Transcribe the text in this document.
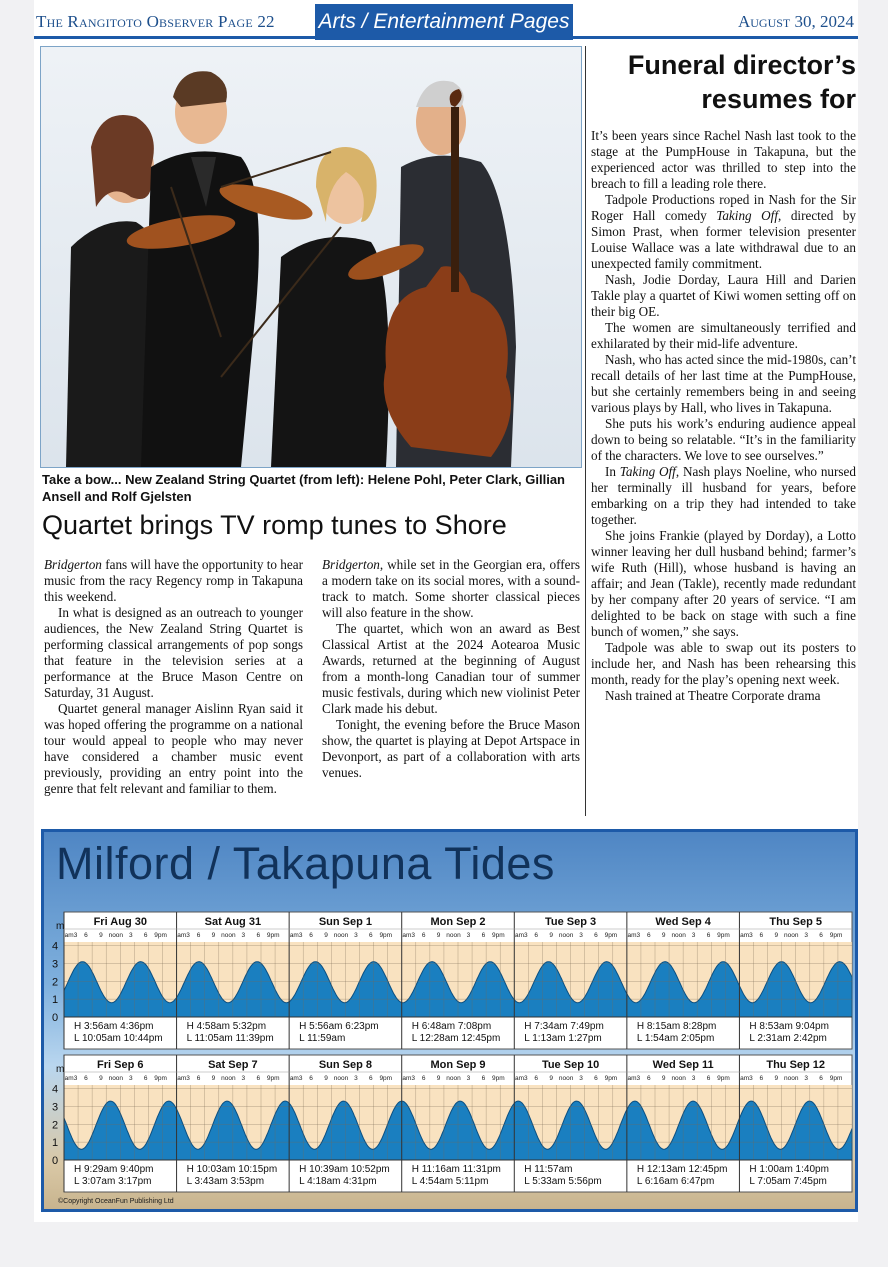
The Rangitoto Observer Page 22 Arts / Entertainment Pages	August 30, 2024
Take a bow... New Zealand String Quartet (from left): Helene Pohl, Peter Clark, Gillian Ansell and Rolf Gjelsten
Quartet brings TV romp tunes to Shore

Bridgerton fans will have the opportunity to hear music from the racy Regency romp in Takapuna this weekend.

In what is designed as an outreach to younger audiences, the New Zealand String Quartet is performing classical arrangements of pop songs that feature in the television series at a performance at the Bruce Mason Centre on Saturday, 31 August.

Quartet general manager Aislinn Ryan said it was hoped offering the programme on a national tour would appeal to people who may never have considered a chamber music event previously, providing an entry point into the genre that felt relevant and familiar to them.

Bridgerton, while set in the Georgian era, offers a modern take on its social mores, with a sound-track to match. Some shorter classical pieces will also feature in the show.

The quartet, which won an award as Best Classical Artist at the 2024 Aotearoa Music Awards, returned at the beginning of August from a month-long Canadian tour of summer music festivals, during which new violinist Peter Clark made his debut.

Tonight, the evening before the Bruce Mason show, the quartet is playing at Depot Artspace in Devonport, as part of a collaboration with arts venues.

Funeral director’s resumes for

It’s been years since Rachel Nash last took to the stage at the PumpHouse in Takapuna, but the experienced actor was thrilled to step into the breach to fill a leading role there.

Tadpole Productions roped in Nash for the Sir Roger Hall comedy Taking Off, directed by Simon Prast, when former television presenter Louise Wallace was a late withdrawal due to an unexpected family commitment.

Nash, Jodie Dorday, Laura Hill and Darien Takle play a quartet of Kiwi women setting off on their big OE.

The women are simultaneously terrified and exhilarated by their mid-life adventure.

Nash, who has acted since the mid-1980s, can’t recall details of her last time at the PumpHouse, but she certainly remembers being in and seeing various plays by Hall, who lives in Takapuna.

She puts his work’s enduring audience appeal down to being so relatable. “It’s in the familiarity of the characters. We love to see ourselves.”

In Taking Off, Nash plays Noeline, who nursed her terminally ill husband for years, before embarking on a trip they had intended to take together.

She joins Frankie (played by Dorday), a Lotto winner leaving her dull husband behind; farmer’s wife Ruth (Hill), whose husband is having an affair; and Jean (Takle), recently made redundant by her company after 20 years of service. “I am delighted to be back on stage with such a fine bunch of women,” she says.

Tadpole was able to swap out its posters to include her, and Nash has been rehearsing this month, ready for the play’s opening next week.

Nash trained at Theatre Corporate drama

Milford / Takapuna Tides
m
4
3
2
1
0
Fri Aug 30
am3 6 9 noon 3 6 9pm
H 3:56am 4:36pm
L 10:05am 10:44pm
Sat Aug 31
am3 6 9 noon 3 6 9pm
H 4:58am 5:32pm
L 11:05am 11:39pm
Sun Sep 1
am3 6 9 noon 3 6 9pm
H 5:56am 6:23pm
L 11:59am
Mon Sep 2
am3 6 9 noon 3 6 9pm
H 6:48am 7:08pm
L 12:28am 12:45pm
Tue Sep 3
am3 6 9 noon 3 6 9pm
H 7:34am 7:49pm
L 1:13am 1:27pm
Wed Sep 4
am3 6 9 noon 3 6 9pm
H 8:15am 8:28pm
L 1:54am 2:05pm
Thu Sep 5
am3 6 9 noon 3 6 9pm
H 8:53am 9:04pm
L 2:31am 2:42pm
m
4
3
2
1
0
Fri Sep 6
am3 6 9 noon 3 6 9pm
H 9:29am 9:40pm
L 3:07am 3:17pm
Sat Sep 7
am3 6 9 noon 3 6 9pm
H 10:03am 10:15pm
L 3:43am 3:53pm
Sun Sep 8
am3 6 9 noon 3 6 9pm
H 10:39am 10:52pm
L 4:18am 4:31pm
Mon Sep 9
am3 6 9 noon 3 6 9pm
H 11:16am 11:31pm
L 4:54am 5:11pm
Tue Sep 10
am3 6 9 noon 3 6 9pm
H 11:57am
L 5:33am 5:56pm
Wed Sep 11
am3 6 9 noon 3 6 9pm
H 12:13am 12:45pm
L 6:16am 6:47pm
Thu Sep 12
am3 6 9 noon 3 6 9pm
H 1:00am 1:40pm
L 7:05am 7:45pm
©Copyright OceanFun Publishing Ltd
